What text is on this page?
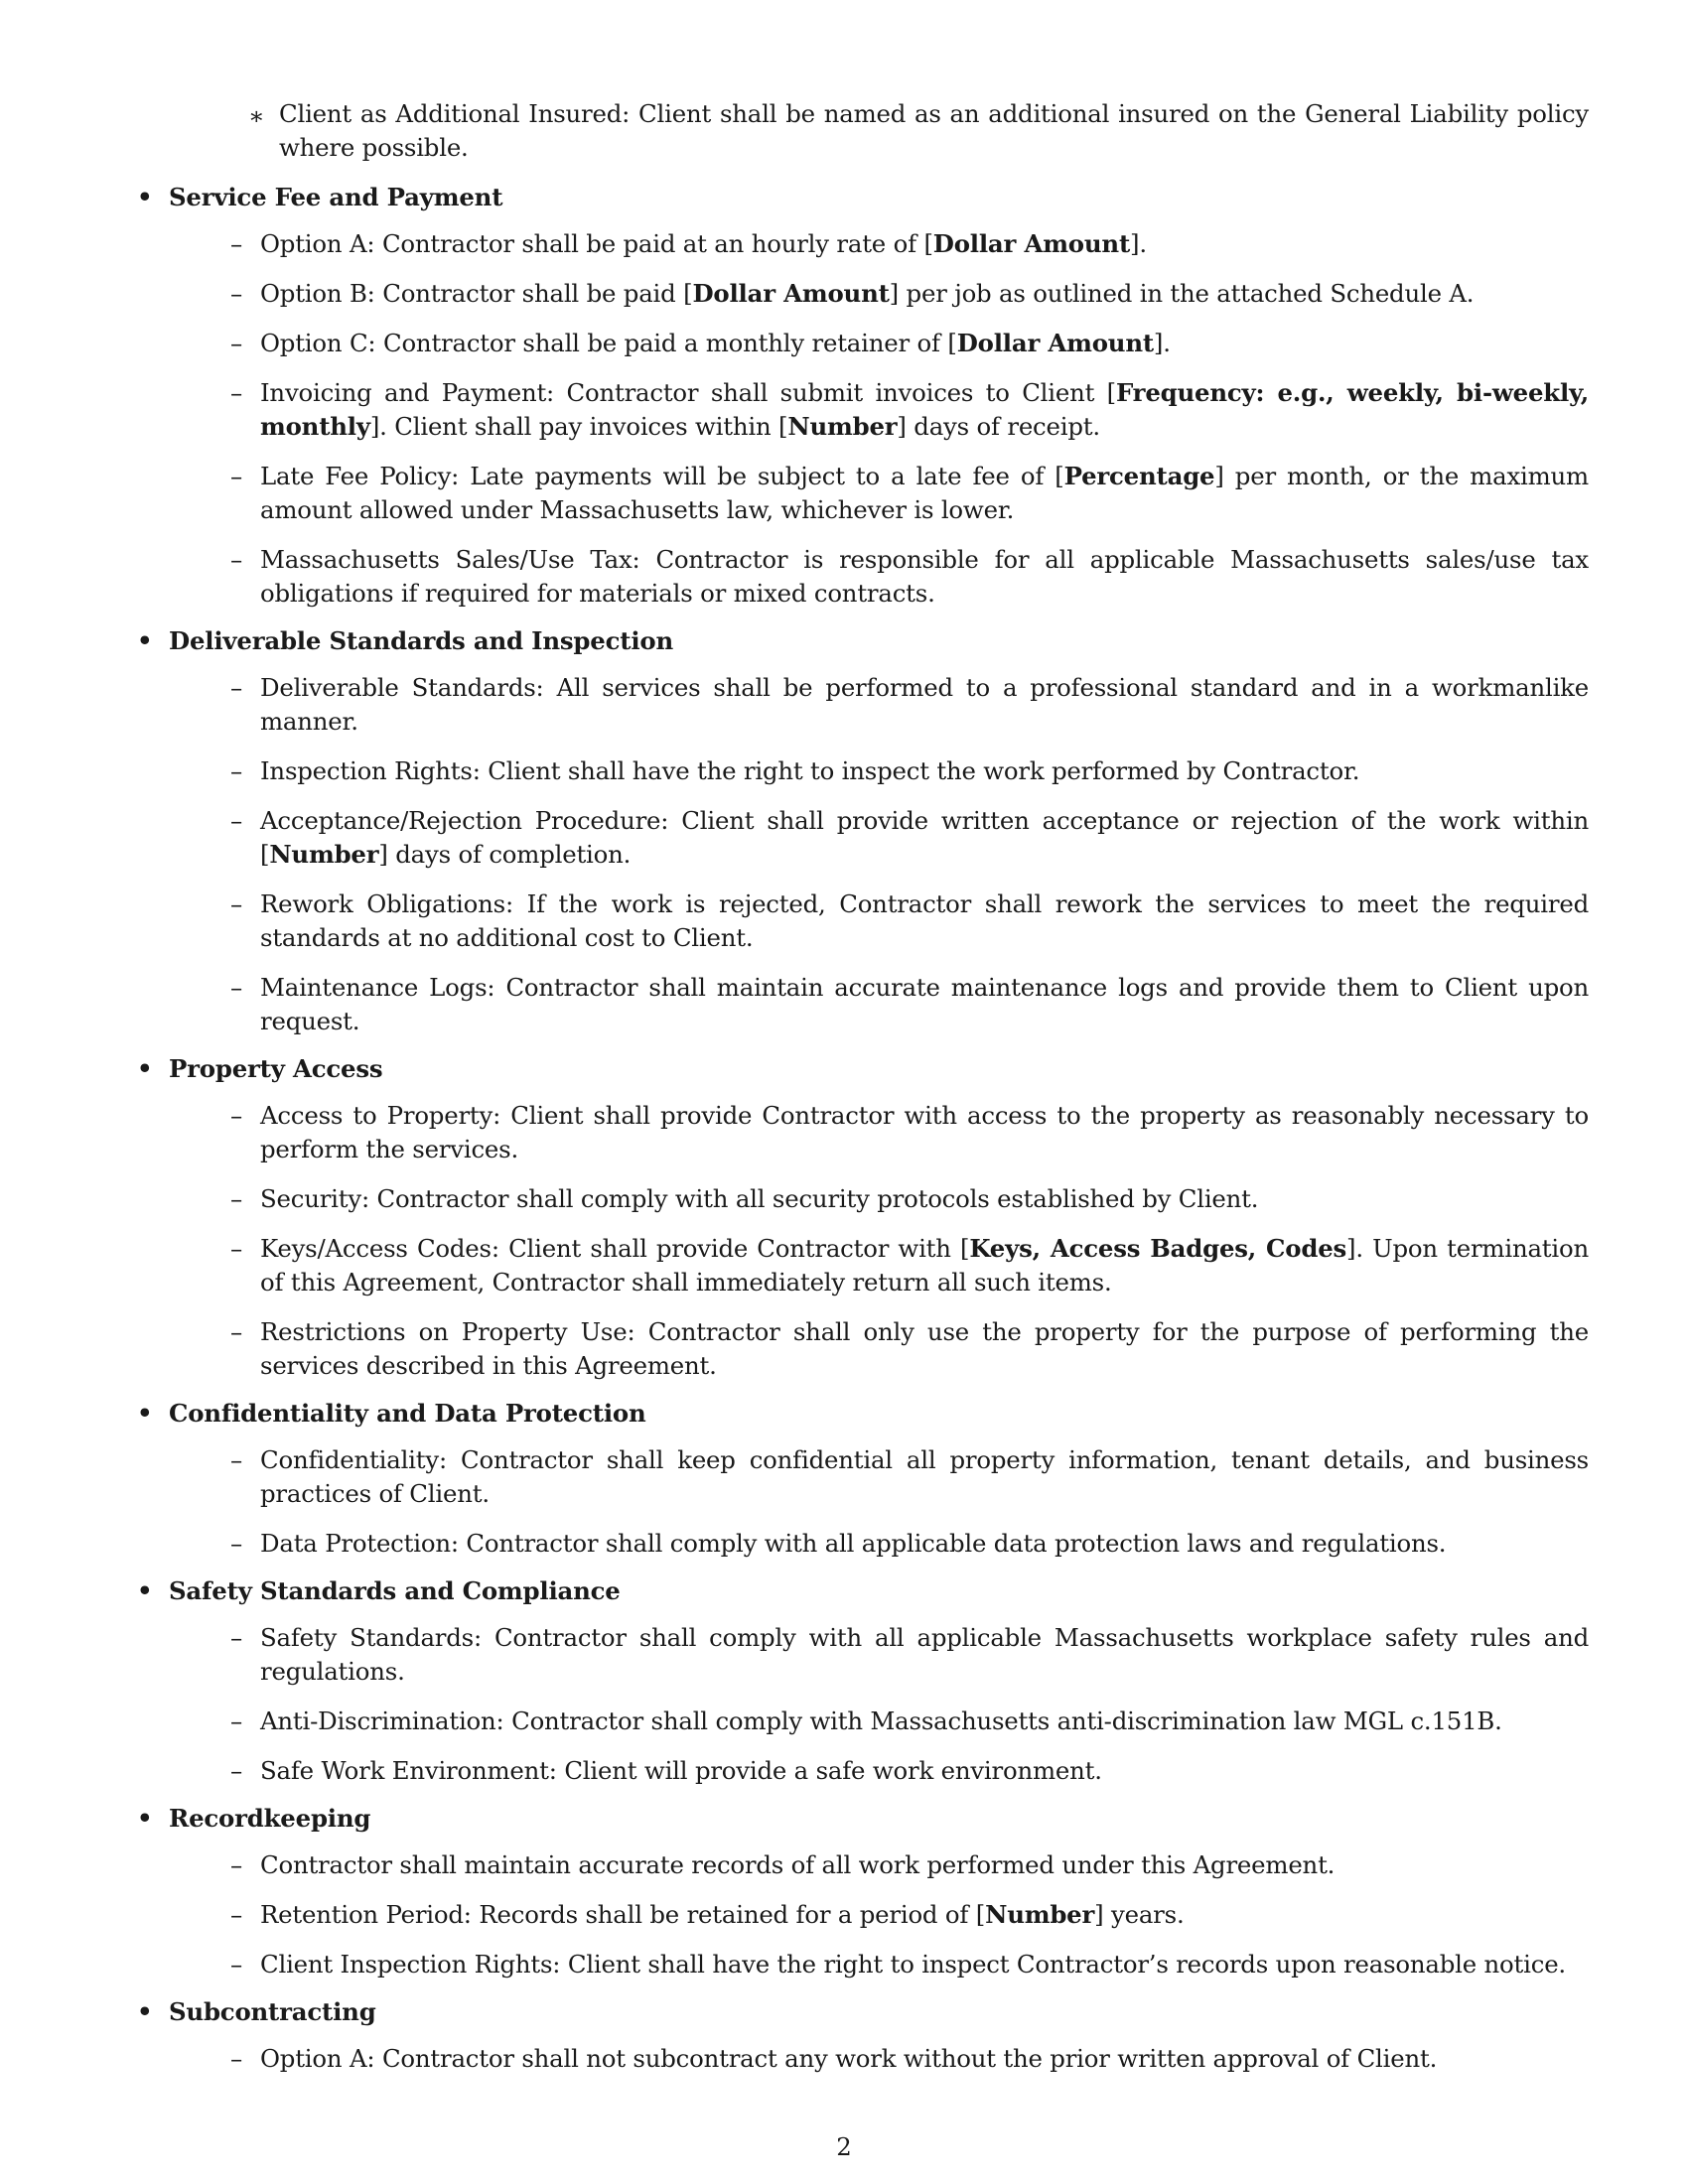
∗ Client as Additional Insured: Client shall be named as an additional insured on the General Liability policy where possible.
• Service Fee and Payment
– Option A: Contractor shall be paid at an hourly rate of [Dollar Amount].
– Option B: Contractor shall be paid [Dollar Amount] per job as outlined in the attached Schedule A.
– Option C: Contractor shall be paid a monthly retainer of [Dollar Amount].
– Invoicing and Payment: Contractor shall submit invoices to Client [Frequency: e.g., weekly, bi-weekly, monthly]. Client shall pay invoices within [Number] days of receipt.
– Late Fee Policy: Late payments will be subject to a late fee of [Percentage] per month, or the maximum amount allowed under Massachusetts law, whichever is lower.
– Massachusetts Sales/Use Tax: Contractor is responsible for all applicable Massachusetts sales/use tax obligations if required for materials or mixed contracts.
• Deliverable Standards and Inspection
– Deliverable Standards: All services shall be performed to a professional standard and in a workmanlike manner.
– Inspection Rights: Client shall have the right to inspect the work performed by Contractor.
– Acceptance/Rejection Procedure: Client shall provide written acceptance or rejection of the work within [Number] days of completion.
– Rework Obligations: If the work is rejected, Contractor shall rework the services to meet the required standards at no additional cost to Client.
– Maintenance Logs: Contractor shall maintain accurate maintenance logs and provide them to Client upon request.
• Property Access
– Access to Property: Client shall provide Contractor with access to the property as reasonably necessary to perform the services.
– Security: Contractor shall comply with all security protocols established by Client.
– Keys/Access Codes: Client shall provide Contractor with [Keys, Access Badges, Codes]. Upon termination of this Agreement, Contractor shall immediately return all such items.
– Restrictions on Property Use: Contractor shall only use the property for the purpose of performing the services described in this Agreement.
• Confidentiality and Data Protection
– Confidentiality: Contractor shall keep confidential all property information, tenant details, and business practices of Client.
– Data Protection: Contractor shall comply with all applicable data protection laws and regulations.
• Safety Standards and Compliance
– Safety Standards: Contractor shall comply with all applicable Massachusetts workplace safety rules and regulations.
– Anti-Discrimination: Contractor shall comply with Massachusetts anti-discrimination law MGL c.151B.
– Safe Work Environment: Client will provide a safe work environment.
• Recordkeeping
– Contractor shall maintain accurate records of all work performed under this Agreement.
– Retention Period: Records shall be retained for a period of [Number] years.
– Client Inspection Rights: Client shall have the right to inspect Contractor’s records upon reasonable notice.
• Subcontracting
– Option A: Contractor shall not subcontract any work without the prior written approval of Client.
2
